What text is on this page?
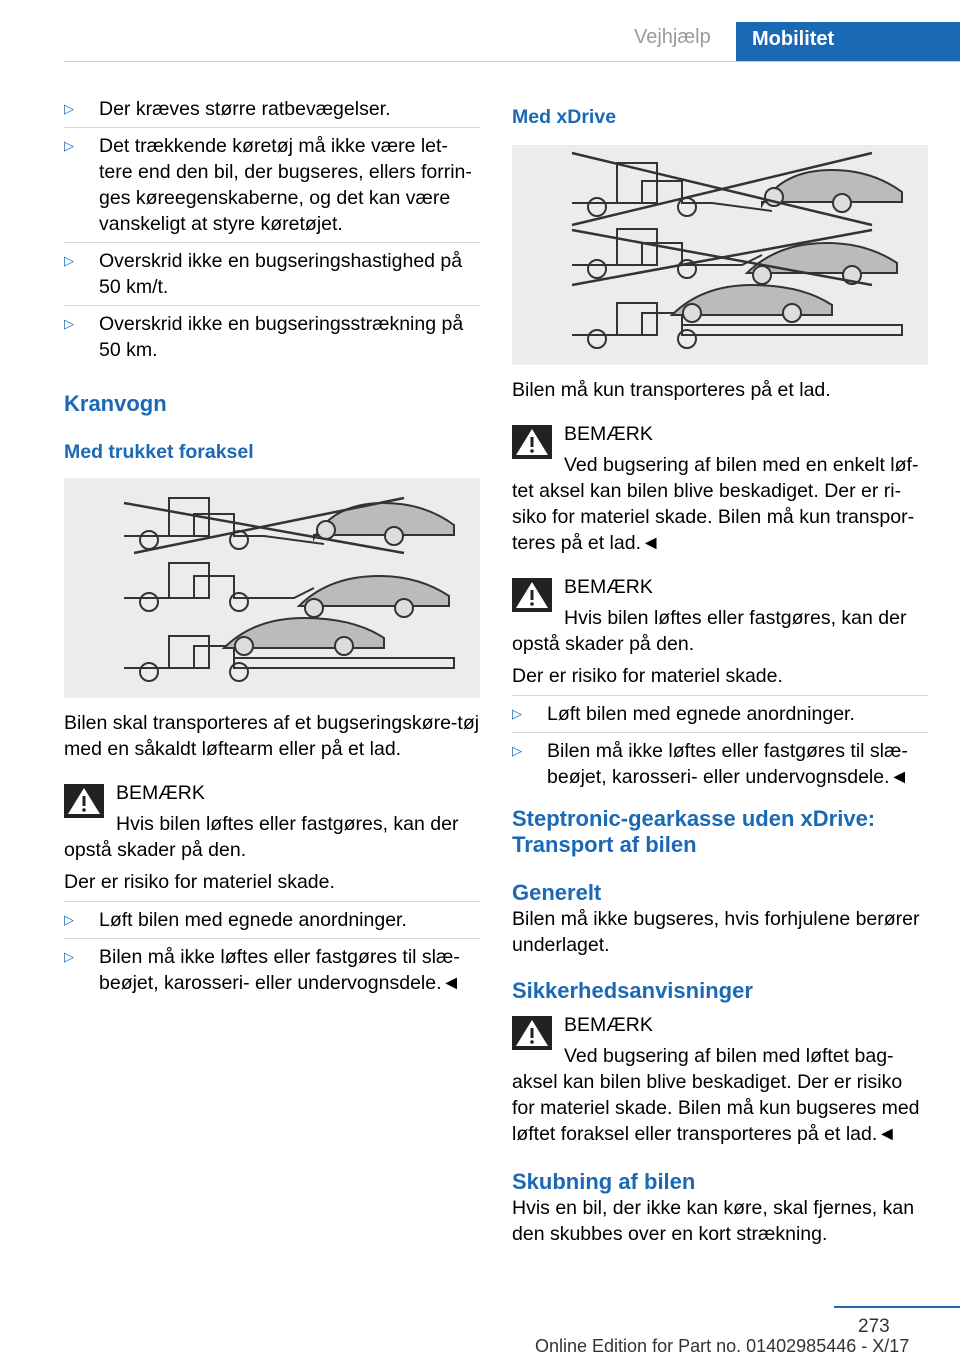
Vejhjælp	Mobilitet
▷ Der kræves større ratbevægelser.
▷ Det trækkende køretøj må ikke være let-tere end den bil, der bugseres, ellers forrin-ges køreegenskaberne, og det kan være vanskeligt at styre køretøjet.
▷ Overskrid ikke en bugseringshastighed på 50 km/t.
▷ Overskrid ikke en bugseringsstrækning på 50 km.
Kranvogn
Med trukket foraksel

Bilen skal transporteres af et bugseringskøre-tøj med en såkaldt løftearm eller på et lad.

BEMÆRK
Hvis bilen løftes eller fastgøres, kan der
opstå skader på den.

Der er risiko for materiel skade.

▷ Løft bilen med egnede anordninger.
▷ Bilen må ikke løftes eller fastgøres til slæ-beøjet, karosseri- eller undervognsdele.◄
Med xDrive

Bilen må kun transporteres på et lad.

BEMÆRK
Ved bugsering af bilen med en enkelt løf-
tet aksel kan bilen blive beskadiget. Der er ri-siko for materiel skade. Bilen må kun transpor-teres på et lad.◄
BEMÆRK
Hvis bilen løftes eller fastgøres, kan der
opstå skader på den.

Der er risiko for materiel skade.

▷ Løft bilen med egnede anordninger.
▷ Bilen må ikke løftes eller fastgøres til slæ-beøjet, karosseri- eller undervognsdele.◄
Steptronic-gearkasse uden xDrive: Transport af bilen
Generelt

Bilen må ikke bugseres, hvis forhjulene berører underlaget.

Sikkerhedsanvisninger
BEMÆRK
Ved bugsering af bilen med løftet bag-
aksel kan bilen blive beskadiget. Der er risiko for materiel skade. Bilen må kun bugseres med løftet foraksel eller transporteres på et lad.◄
Skubning af bilen

Hvis en bil, der ikke kan køre, skal fjernes, kan den skubbes over en kort strækning.

273
Online Edition for Part no. 01402985446 - X/17
